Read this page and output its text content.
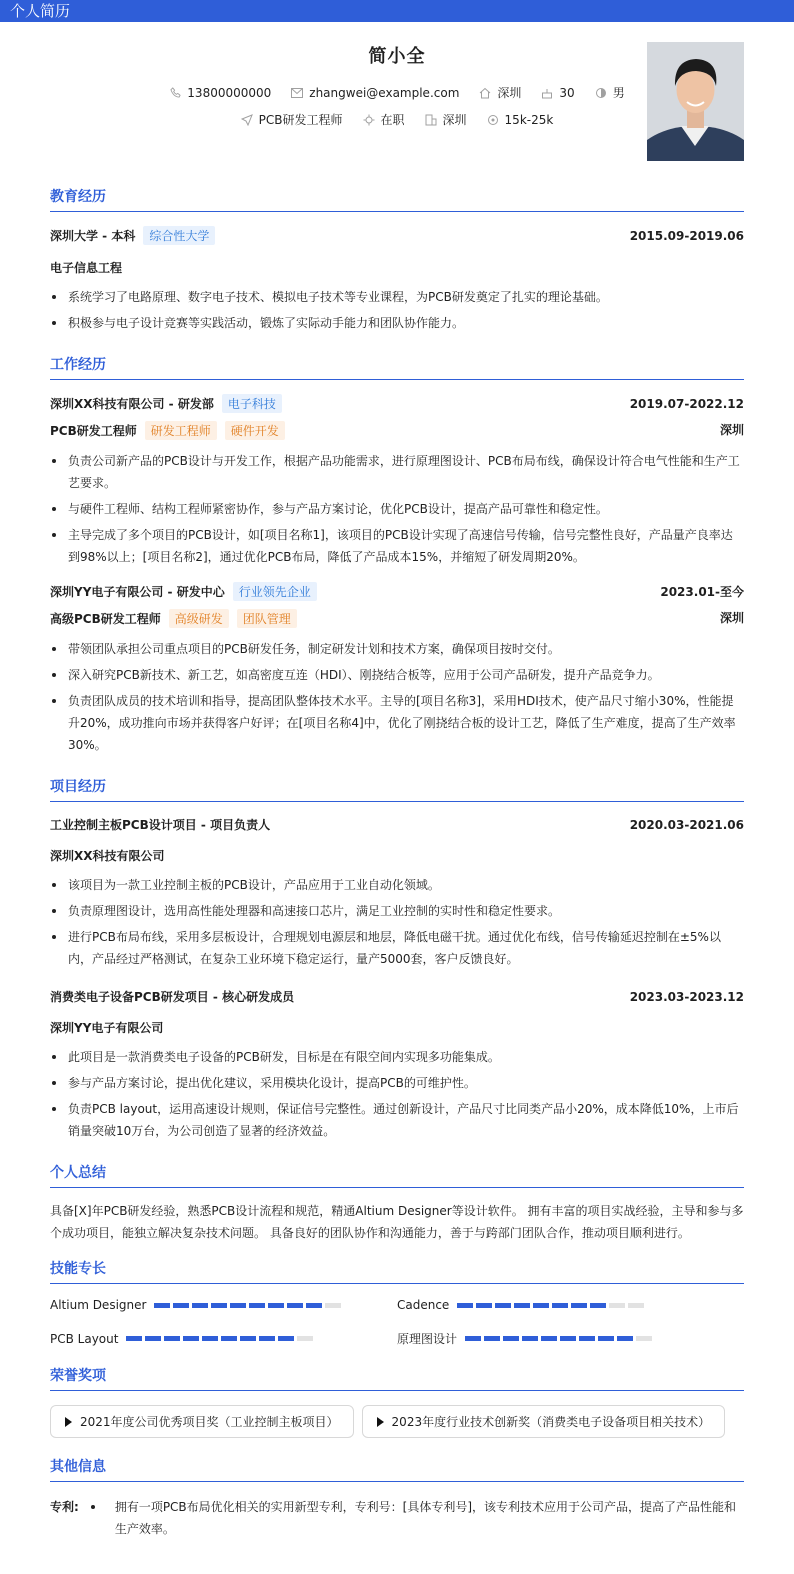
个人简历
简小全
13800000000	zhangwei@example.com	深圳	30	男
PCB研发工程师	在职	深圳	15k-25k
教育经历
深圳大学 - 本科	综合性大学	2015.09-2019.06
电子信息工程
系统学习了电路原理、数字电子技术、模拟电子技术等专业课程，为PCB研发奠定了扎实的理论基础。
积极参与电子设计竞赛等实践活动，锻炼了实际动手能力和团队协作能力。
工作经历
深圳XX科技有限公司 - 研发部	电子科技	2019.07-2022.12
PCB研发工程师	研发工程师	硬件开发	深圳
负责公司新产品的PCB设计与开发工作，根据产品功能需求，进行原理图设计、PCB布局布线，确保设计符合电气性能和生产工艺要求。
与硬件工程师、结构工程师紧密协作，参与产品方案讨论，优化PCB设计，提高产品可靠性和稳定性。
主导完成了多个项目的PCB设计，如[项目名称1]，该项目的PCB设计实现了高速信号传输，信号完整性良好，产品量产良率达到98%以上；[项目名称2]，通过优化PCB布局，降低了产品成本15%，并缩短了研发周期20%。
深圳YY电子有限公司 - 研发中心	行业领先企业	2023.01-至今
高级PCB研发工程师	高级研发	团队管理	深圳
带领团队承担公司重点项目的PCB研发任务，制定研发计划和技术方案，确保项目按时交付。
深入研究PCB新技术、新工艺，如高密度互连（HDI）、刚挠结合板等，应用于公司产品研发，提升产品竞争力。
负责团队成员的技术培训和指导，提高团队整体技术水平。主导的[项目名称3]，采用HDI技术，使产品尺寸缩小30%，性能提升20%，成功推向市场并获得客户好评；在[项目名称4]中，优化了刚挠结合板的设计工艺，降低了生产难度，提高了生产效率30%。
项目经历
工业控制主板PCB设计项目 - 项目负责人	2020.03-2021.06
深圳XX科技有限公司
该项目为一款工业控制主板的PCB设计，产品应用于工业自动化领域。
负责原理图设计，选用高性能处理器和高速接口芯片，满足工业控制的实时性和稳定性要求。
进行PCB布局布线，采用多层板设计，合理规划电源层和地层，降低电磁干扰。通过优化布线，信号传输延迟控制在±5%以内，产品经过严格测试，在复杂工业环境下稳定运行，量产5000套，客户反馈良好。
消费类电子设备PCB研发项目 - 核心研发成员	2023.03-2023.12
深圳YY电子有限公司
此项目是一款消费类电子设备的PCB研发，目标是在有限空间内实现多功能集成。
参与产品方案讨论，提出优化建议，采用模块化设计，提高PCB的可维护性。
负责PCB layout，运用高速设计规则，保证信号完整性。通过创新设计，产品尺寸比同类产品小20%，成本降低10%，上市后销量突破10万台，为公司创造了显著的经济效益。
个人总结
具备[X]年PCB研发经验，熟悉PCB设计流程和规范，精通Altium Designer等设计软件。 拥有丰富的项目实战经验，主导和参与多个成功项目，能独立解决复杂技术问题。 具备良好的团队协作和沟通能力，善于与跨部门团队合作，推动项目顺利进行。
技能专长
Altium Designer	Cadence
PCB Layout	原理图设计
荣誉奖项
2021年度公司优秀项目奖（工业控制主板项目）	2023年度行业技术创新奖（消费类电子设备项目相关技术）
其他信息
专利:	拥有一项PCB布局优化相关的实用新型专利，专利号：[具体专利号]，该专利技术应用于公司产品，提高了产品性能和生产效率。
